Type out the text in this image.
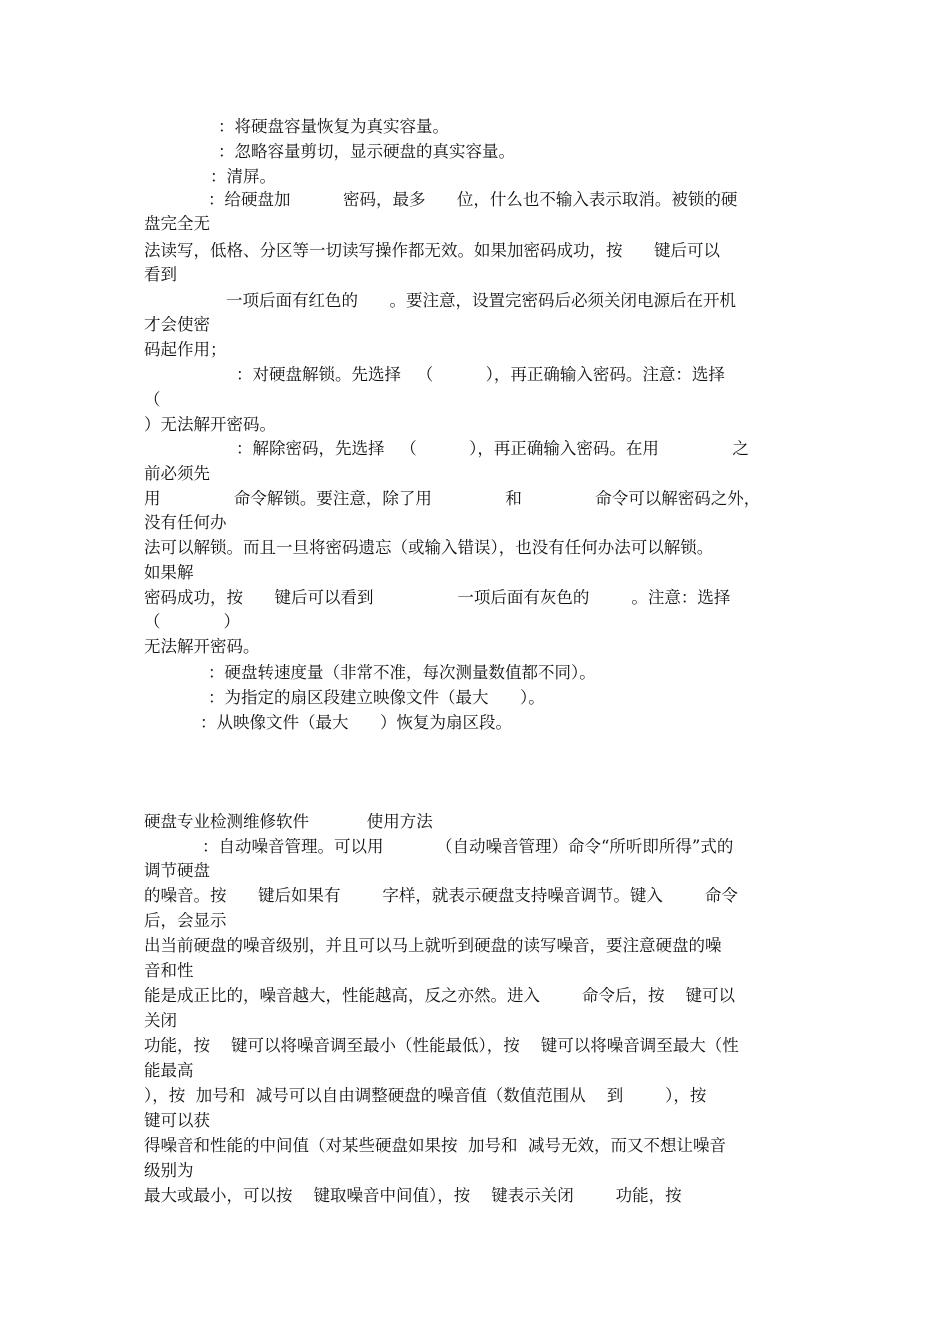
：将硬盘容量恢复为真实容量。
：忽略容量剪切，显示硬盘的真实容量。
：清屏。
：给硬盘加          密码，最多      位，什么也不输入表示取消。被锁的硬
盘完全无
法读写，低格、分区等一切读写操作都无效。如果加密码成功，按      键后可以
看到
一项后面有红色的      。要注意，设置完密码后必须关闭电源后在开机
才会使密
码起作用；
：对硬盘解锁。先选择   （          ），再正确输入密码。注意：选择
（
）无法解开密码。
：解除密码，先选择   （          ），再正确输入密码。在用              之
前必须先
用              命令解锁。要注意，除了用              和              命令可以解密码之外，
没有任何办
法可以解锁。而且一旦将密码遗忘（或输入错误），也没有任何办法可以解锁。
如果解
密码成功，按      键后可以看到                一项后面有灰色的        。注意：选择
（            ）
无法解开密码。
：硬盘转速度量（非常不准，每次测量数值都不同）。
：为指定的扇区段建立映像文件（最大      ）。
：从映像文件（最大      ）恢复为扇区段。
硬盘专业检测维修软件           使用方法
：自动噪音管理。可以用          （自动噪音管理）命令“所听即所得”式的
调节硬盘
的噪音。按      键后如果有        字样，就表示硬盘支持噪音调节。键入        命令
后，会显示
出当前硬盘的噪音级别，并且可以马上就听到硬盘的读写噪音，要注意硬盘的噪
音和性
能是成正比的，噪音越大，性能越高，反之亦然。进入        命令后，按    键可以
关闭
功能，按    键可以将噪音调至最小（性能最低），按    键可以将噪音调至最大（性
能最高
），按  加号和  减号可以自由调整硬盘的噪音值（数值范围从    到        ），按
键可以获
得噪音和性能的中间值（对某些硬盘如果按  加号和  减号无效，而又不想让噪音
级别为
最大或最小，可以按    键取噪音中间值），按    键表示关闭        功能，按
